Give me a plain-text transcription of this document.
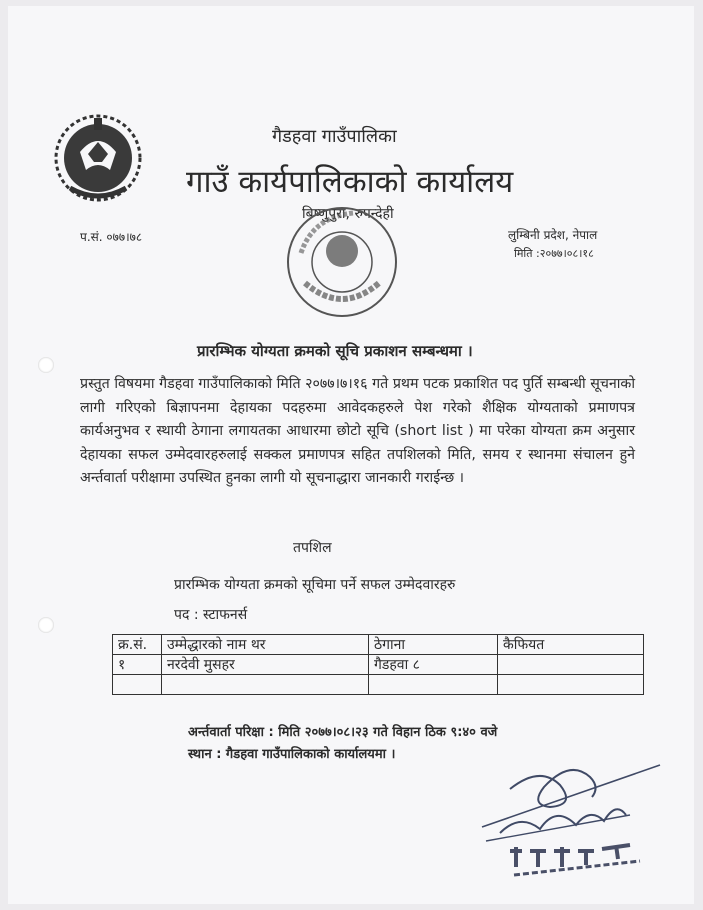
गैडहवा गाउँपालिका
गाउँ कार्यपालिकाको कार्यालय
बिष्णुपुरा, रुपन्देही
प.सं. ०७७।७८	लुम्बिनी प्रदेश, नेपाल
मिति :२०७७।०८।१८
प्रारम्भिक योग्यता क्रमको सूचि प्रकाशन सम्बन्धमा ।
प्रस्तुत विषयमा गैडहवा गाउँपालिकाको मिति २०७७।७।१६ गते प्रथम पटक प्रकाशित पद पुर्ति सम्बन्धी सूचनाको लागी गरिएको बिज्ञापनमा देहायका पदहरुमा आवेदकहरुले पेश गरेको शैक्षिक योग्यताको प्रमाणपत्र कार्यअनुभव र स्थायी ठेगाना लगायतका आधारमा छोटो सूचि (short list ) मा परेका योग्यता क्रम अनुसार देहायका सफल उम्मेदवारहरुलाई सक्कल प्रमाणपत्र सहित तपशिलको मिति, समय र स्थानमा संचालन हुने अर्न्तवार्ता परीक्षामा उपस्थित हुनका लागी यो सूचनाद्धारा जानकारी गराईन्छ ।
तपशिल
प्रारम्भिक योग्यता क्रमको सूचिमा पर्ने सफल उम्मेदवारहरु
पद : स्टाफनर्स
क्र.सं.	उम्मेद्धारको नाम थर	ठेगाना	कैफियत
१	नरदेवी मुसहर	गैडहवा ८	

अर्न्तवार्ता परिक्षा : मिति २०७७।०८।२३ गते विहान ठिक ९:४० वजे
स्थान : गैडहवा गाउँपालिकाको कार्यालयमा ।
